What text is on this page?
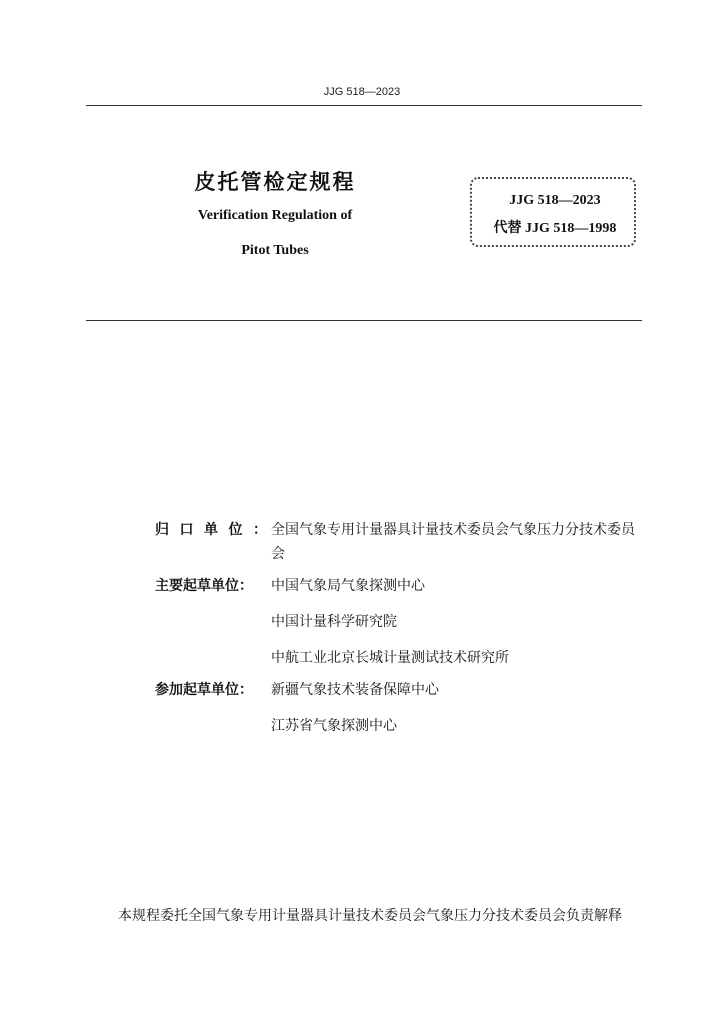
JJG 518—2023
皮托管检定规程
Verification Regulation of
Pitot Tubes
JJG 518—2023
代替 JJG 518—1998
归口单位：
全国气象专用计量器具计量技术委员会气象压力分技术委员会
主要起草单位：	中国气象局气象探测中心
中国计量科学研究院
中航工业北京长城计量测试技术研究所
参加起草单位：	新疆气象技术装备保障中心
江苏省气象探测中心
本规程委托全国气象专用计量器具计量技术委员会气象压力分技术委员会负责解释
